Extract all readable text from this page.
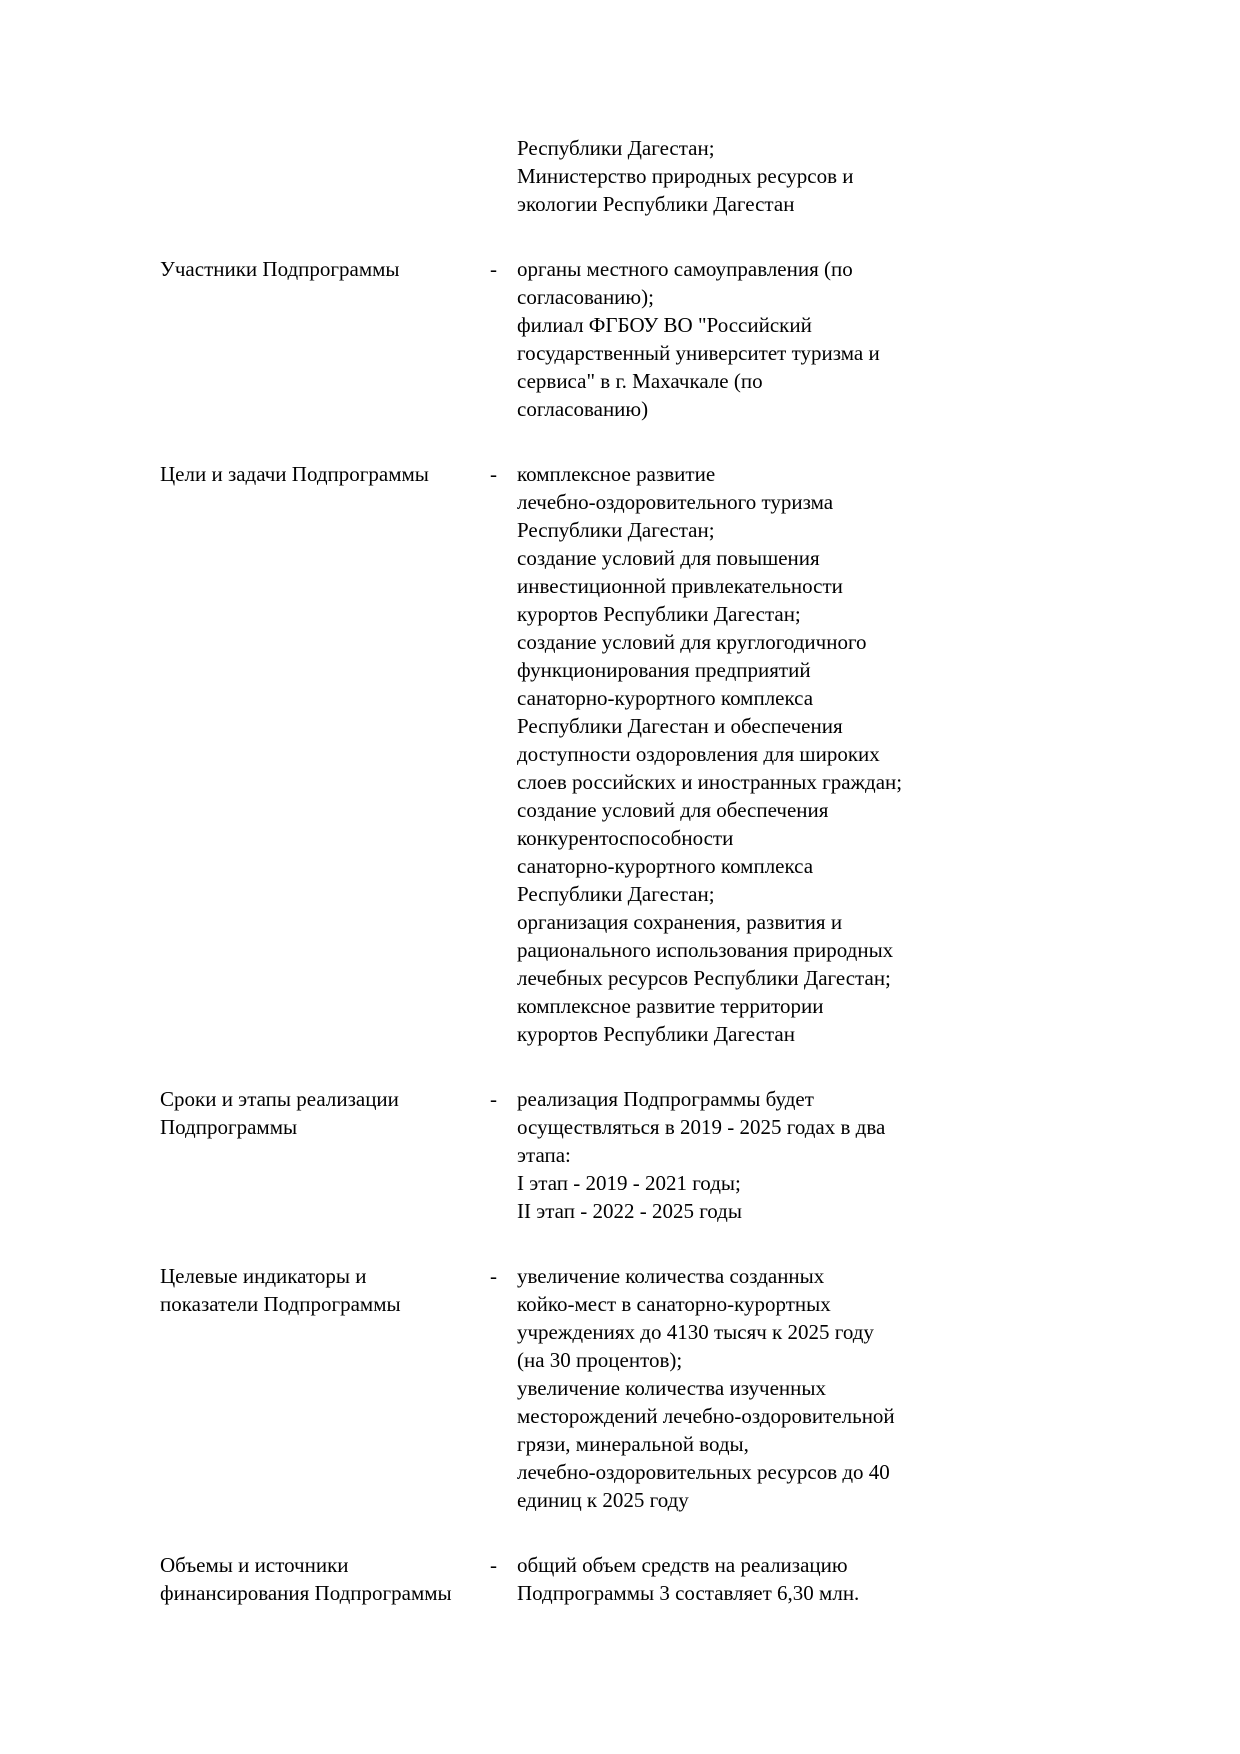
Республики Дагестан;
Министерство природных ресурсов и
экологии Республики Дагестан
Участники Подпрограммы	- органы местного самоуправления (по
согласованию);
филиал ФГБОУ ВО "Российский
государственный университет туризма и
сервиса" в г. Махачкале (по
согласованию)
Цели и задачи Подпрограммы	- комплексное развитие
лечебно-оздоровительного туризма
Республики Дагестан;
создание условий для повышения
инвестиционной привлекательности
курортов Республики Дагестан;
создание условий для круглогодичного
функционирования предприятий
санаторно-курортного комплекса
Республики Дагестан и обеспечения
доступности оздоровления для широких
слоев российских и иностранных граждан;
создание условий для обеспечения
конкурентоспособности
санаторно-курортного комплекса
Республики Дагестан;
организация сохранения, развития и
рационального использования природных
лечебных ресурсов Республики Дагестан;
комплексное развитие территории
курортов Республики Дагестан
Сроки и этапы реализации
Подпрограммы
- реализация Подпрограммы будет
осуществляться в 2019 - 2025 годах в два
этапа:
I этап - 2019 - 2021 годы;
II этап - 2022 - 2025 годы
Целевые индикаторы и
показатели Подпрограммы
- увеличение количества созданных
койко-мест в санаторно-курортных
учреждениях до 4130 тысяч к 2025 году
(на 30 процентов);
увеличение количества изученных
месторождений лечебно-оздоровительной
грязи, минеральной воды,
лечебно-оздоровительных ресурсов до 40
единиц к 2025 году
Объемы и источники
финансирования Подпрограммы
- общий объем средств на реализацию
Подпрограммы 3 составляет 6,30 млн.
